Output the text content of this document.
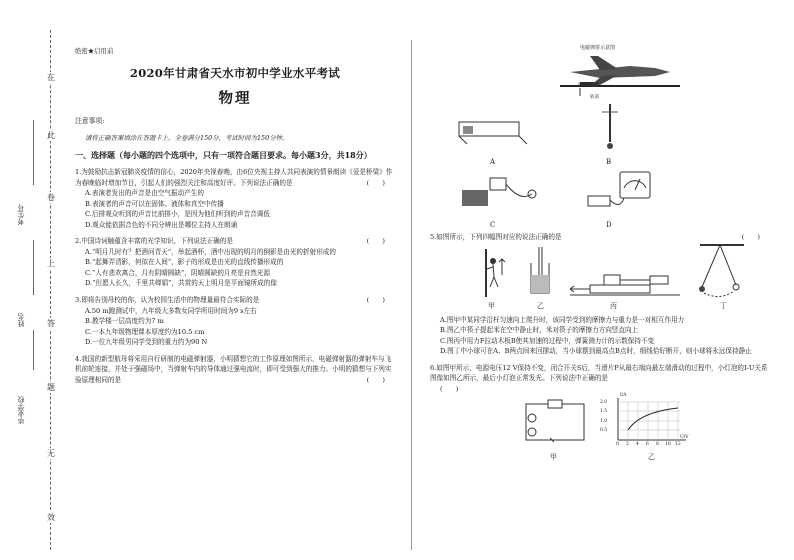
在
此
卷
上
答
题
无
效
毕业学校
姓名
考生号
绝密★启用前
2020年甘肃省天水市初中学业水平考试
物理
注意事项:
请将正确答案填涂在答题卡上。全卷满分150分，考试时间为150分钟。
一、选择题（每小题的四个选项中，只有一项符合题目要求。每小题3分，共18分）
1.为鼓励抗击新冠肺炎疫情的信心，2020年央视春晚，由6位央视主持人共同表演的情景朗读《爱是桥梁》作为春晚临时增加节目，引起人们的强烈关注和高度好评。下列说法正确的是	(　　)
A.表演者发出的声音是由空气振动产生的
B.表演者的声音可以在固体、液体和真空中传播
C.后排观众听到的声音比前排小，是因为他们听到的声音音调低
D.观众能依据音色的不同分辨出是哪位主持人在朗诵
2.中国诗词触蕴含丰富的光学知识，下列说法正确的是	(　　)
A.“明月几时有？把酒问青天”，举起酒杯，酒中出现的明月的倒影是由光的折射形成的
B.“起舞弄清影，何似在人间”，影子的形成是由光的直线传播形成的
C.“人有悲欢离合，月有阴晴圆缺”，阴晴圆缺的月亮是自然光源
D.“但愿人长久，千里共婵娟”，共赏的天上明月是平面镜所成的像
3.即将告别母校的你，认为校园生活中的物理量最符合实际的是	(　　)
A.50 m跑测试中，九年级大多数女同学所用时间为9 s左右
B.教学楼一层高度约为7 m
C.一本九年级物理课本厚度约为10.5 cm
D.一位九年级男同学受到的重力约为90 N
4.我国的新型航母将采用自行研制的电磁弹射器，小明猜想它的工作原理如图所示，电磁弹射器的弹射车与飞机前轮连接，并处于强磁场中，当弹射车内的导体通过强电流时，即可受到强大的推力。小明的猜想与下列实验原理相同的是	(　　)
电磁弹射示意图
弹射车
轨道
A	B
C	D
5.如图所示，下列四幅图对应的说法正确的是	(　　)
甲	乙	丙	丁
A.图甲中某同学沿杆匀速向上爬升时，该同学受到的摩擦力与重力是一对相互作用力
B.图乙中筷子提起米在空中静止时，米对筷子的摩擦力方向竖直向上
C.图丙中用力F拉动木板B使其加速的过程中，弹簧测力计的示数保持不变
D.图丁中小球可在A、B两点间来回摆动，当小球摆到最高点B点时，细线恰好断开，则小球将永远保持静止
6.如图甲所示，电源电压12 V保持不变，闭合开关S后，当滑片P从最右端向最左端滑动的过程中，小灯泡的I-U关系图像如图乙所示，最后小灯泡正常发光。下列说法中正确的是
(　　)
甲
I/A
2.0
1.5
1.0
0.5
0 2 4 6 8 10 12
U/V
乙
